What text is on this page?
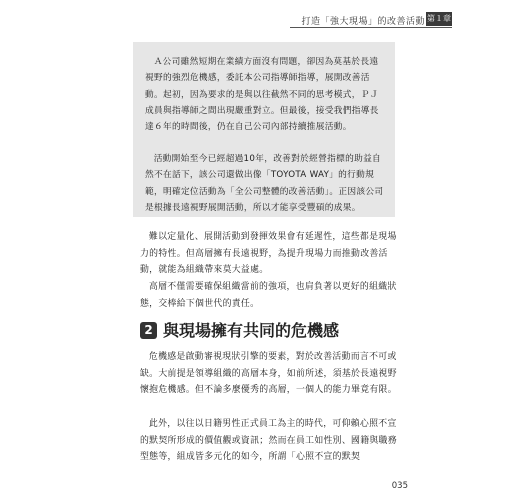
打造「強大現場」的改善活動 第１章

Ａ公司雖然短期在業績方面沒有問題，卻因為莫基於長遠視野的強烈危機感，委託本公司指導師指導，展開改善活動。起初，因為要求的是與以往截然不同的思考模式，ＰＪ成員與指導師之間出現嚴重對立。但最後，接受我們指導長達６年的時間後，仍在自己公司內部持續推展活動。

活動開始至今已經超過10年，改善對於經營指標的助益自然不在話下，該公司還做出像「TOYOTA WAY」的行動規範，明確定位活動為「全公司整體的改善活動」。正因該公司是根據長遠視野展開活動，所以才能享受豐碩的成果。

難以定量化、展開活動到發揮效果會有延遲性，這些都是現場力的特性。但高層擁有長遠視野，為提升現場力而推動改善活動，就能為組織帶來莫大益處。

高層不僅需要確保組織當前的強項，也肩負著以更好的組織狀態，交棒給下個世代的責任。

2 與現場擁有共同的危機感

危機感是啟動審視現狀引擎的要素，對於改善活動而言不可或缺。大前提是領導組織的高層本身，如前所述，須基於長遠視野懷抱危機感。但不論多麼優秀的高層，一個人的能力畢竟有限。

此外，以往以日籍男性正式員工為主的時代，可仰賴心照不宣的默契所形成的價值觀或資訊；然而在員工如性別、國籍與職務型態等，組成皆多元化的如今，所謂「心照不宣的默契

035
